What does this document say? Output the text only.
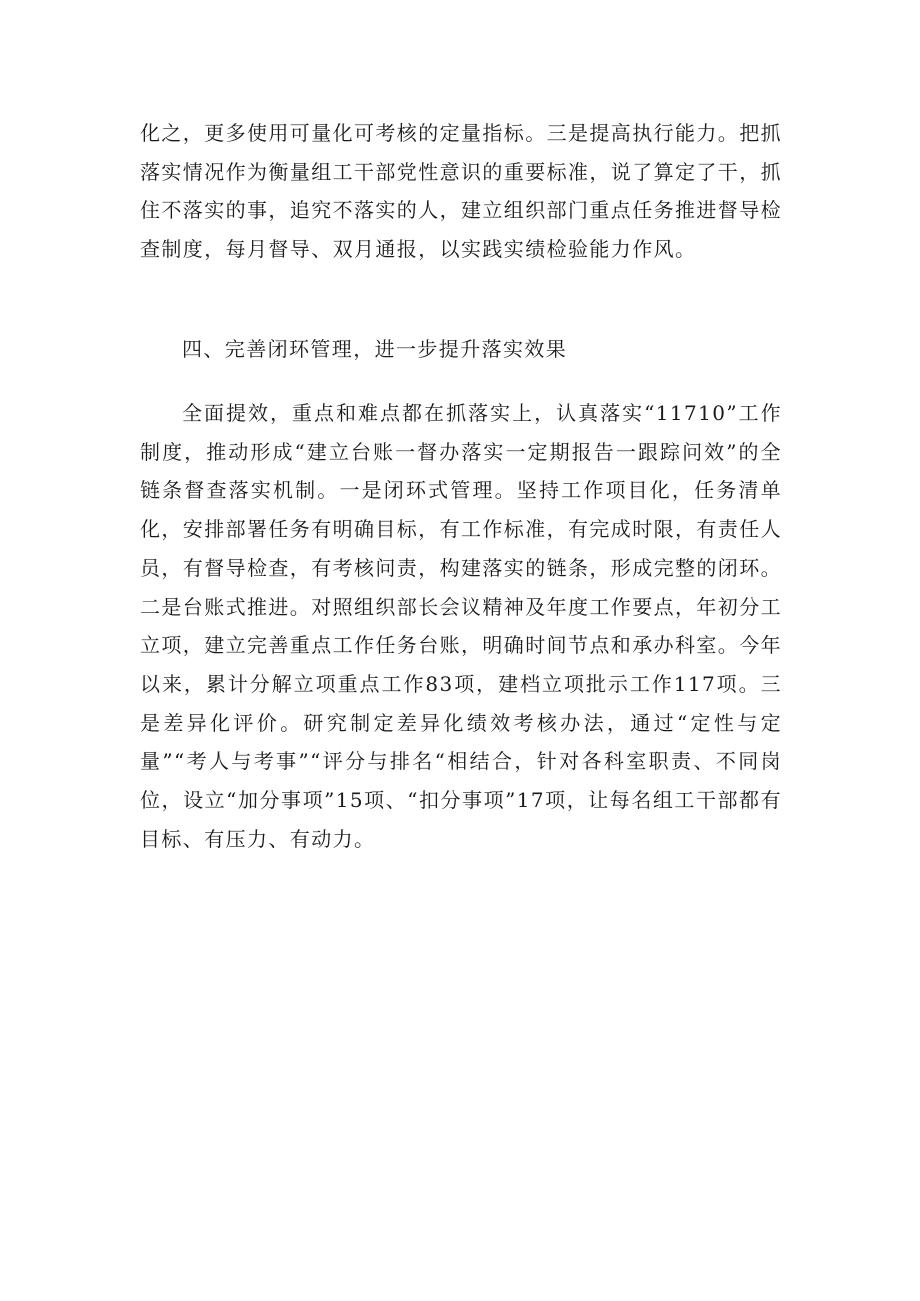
化之，更多使用可量化可考核的定量指标。三是提高执行能力。把抓落实情况作为衡量组工干部党性意识的重要标准，说了算定了干，抓住不落实的事，追究不落实的人，建立组织部门重点任务推进督导检查制度，每月督导、双月通报，以实践实绩检验能力作风。

四、完善闭环管理，进一步提升落实效果

全面提效，重点和难点都在抓落实上，认真落实“11710”工作制度，推动形成“建立台账一督办落实一定期报告一跟踪问效”的全链条督查落实机制。一是闭环式管理。坚持工作项目化，任务清单化，安排部署任务有明确目标，有工作标准，有完成时限，有责任人员，有督导检查，有考核问责，构建落实的链条，形成完整的闭环。二是台账式推进。对照组织部长会议精神及年度工作要点，年初分工立项，建立完善重点工作任务台账，明确时间节点和承办科室。今年以来，累计分解立项重点工作83项，建档立项批示工作117项。三是差异化评价。研究制定差异化绩效考核办法，通过“定性与定量”“考人与考事”“评分与排名“相结合，针对各科室职责、不同岗位，设立“加分事项”15项、“扣分事项”17项，让每名组工干部都有目标、有压力、有动力。
